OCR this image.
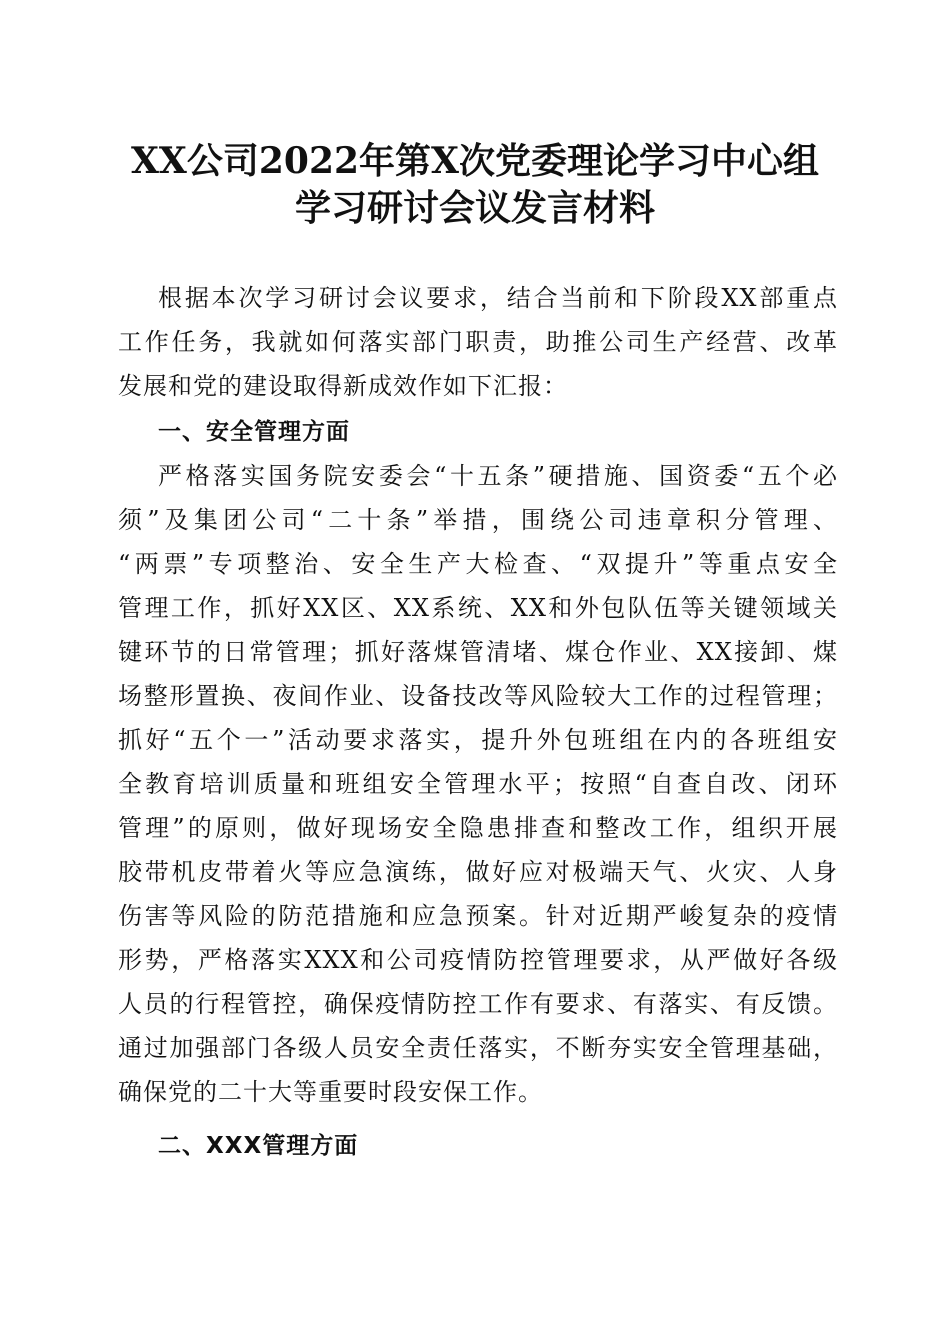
XX公司2022年第X次党委理论学习中心组
学习研讨会议发言材料
根据本次学习研讨会议要求，结合当前和下阶段XX部重点
工作任务，我就如何落实部门职责，助推公司生产经营、改革
发展和党的建设取得新成效作如下汇报：
一、安全管理方面
严格落实国务院安委会“十五条”硬措施、国资委“五个必
须”及集团公司“二十条”举措，围绕公司违章积分管理、
“两票”专项整治、安全生产大检查、“双提升”等重点安全
管理工作，抓好XX区、XX系统、XX和外包队伍等关键领域关
键环节的日常管理；抓好落煤管清堵、煤仓作业、XX接卸、煤
场整形置换、夜间作业、设备技改等风险较大工作的过程管理；
抓好“五个一”活动要求落实，提升外包班组在内的各班组安
全教育培训质量和班组安全管理水平；按照“自查自改、闭环
管理”的原则，做好现场安全隐患排查和整改工作，组织开展
胶带机皮带着火等应急演练，做好应对极端天气、火灾、人身
伤害等风险的防范措施和应急预案。针对近期严峻复杂的疫情
形势，严格落实XXX和公司疫情防控管理要求，从严做好各级
人员的行程管控，确保疫情防控工作有要求、有落实、有反馈。
通过加强部门各级人员安全责任落实，不断夯实安全管理基础，
确保党的二十大等重要时段安保工作。
二、XXX管理方面
